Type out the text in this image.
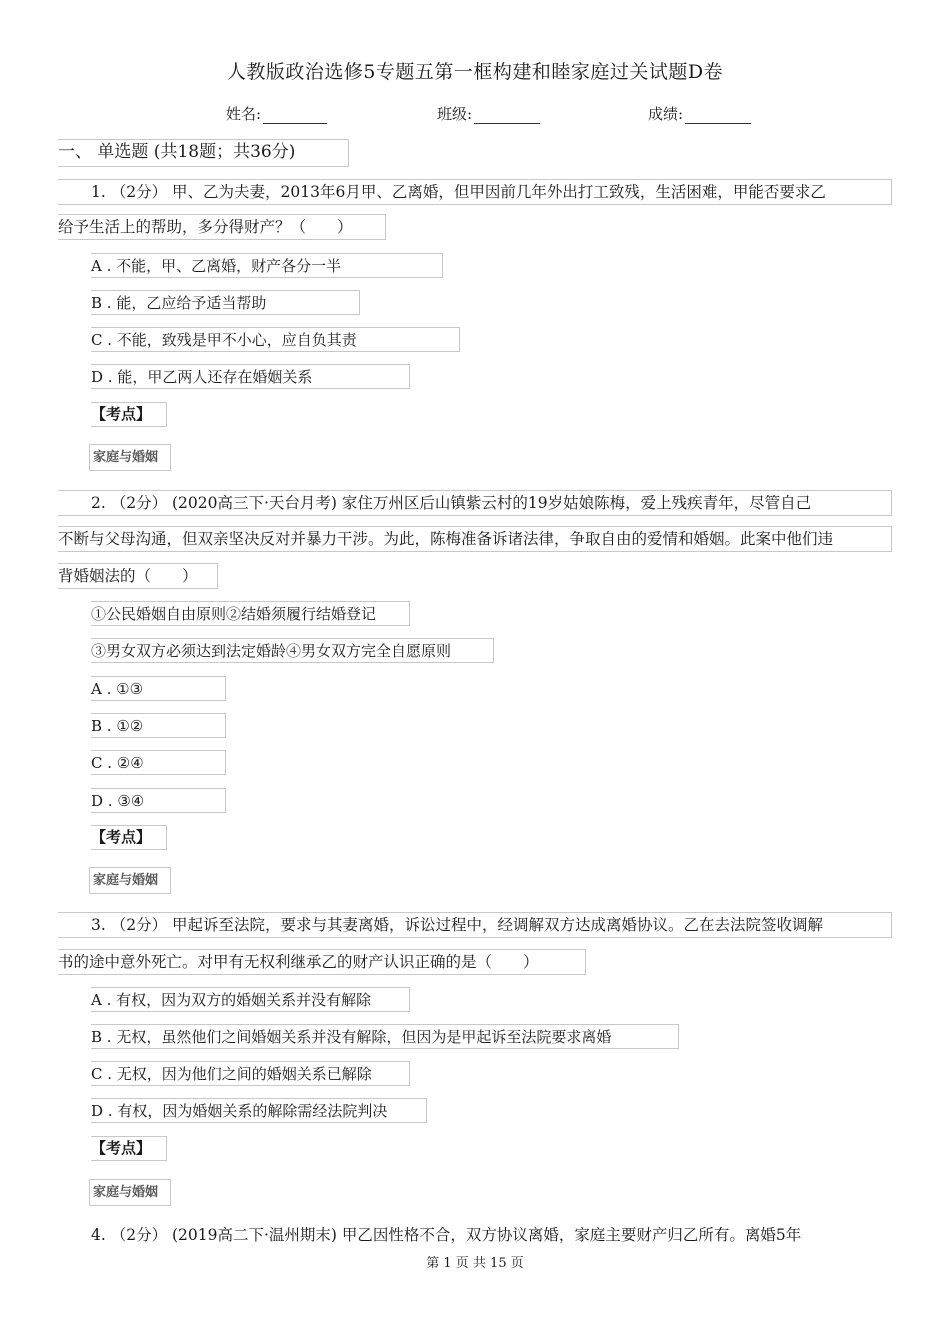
人教版政治选修5专题五第一框构建和睦家庭过关试题D卷
姓名:	班级:	成绩:
一、 单选题 (共18题；共36分)
1. （2分） 甲、乙为夫妻，2013年6月甲、乙离婚，但甲因前几年外出打工致残，生活困难，甲能否要求乙
给予生活上的帮助，多分得财产？（　　）
A . 不能，甲、乙离婚，财产各分一半
B . 能，乙应给予适当帮助
C . 不能，致残是甲不小心，应自负其责
D . 能，甲乙两人还存在婚姻关系
【考点】
家庭与婚姻
2. （2分） (2020高三下·天台月考) 家住万州区后山镇紫云村的19岁姑娘陈梅，爱上残疾青年，尽管自己
不断与父母沟通，但双亲坚决反对并暴力干涉。为此，陈梅准备诉诸法律，争取自由的爱情和婚姻。此案中他们违
背婚姻法的（　　）
①公民婚姻自由原则②结婚须履行结婚登记
③男女双方必须达到法定婚龄④男女双方完全自愿原则
A . ①③
B . ①②
C . ②④
D . ③④
【考点】
家庭与婚姻
3. （2分） 甲起诉至法院，要求与其妻离婚，诉讼过程中，经调解双方达成离婚协议。乙在去法院签收调解
书的途中意外死亡。对甲有无权利继承乙的财产认识正确的是（　　）
A . 有权，因为双方的婚姻关系并没有解除
B . 无权，虽然他们之间婚姻关系并没有解除，但因为是甲起诉至法院要求离婚
C . 无权，因为他们之间的婚姻关系已解除
D . 有权，因为婚姻关系的解除需经法院判决
【考点】
家庭与婚姻
4. （2分） (2019高二下·温州期末) 甲乙因性格不合，双方协议离婚，家庭主要财产归乙所有。离婚5年
第 1 页 共 15 页
